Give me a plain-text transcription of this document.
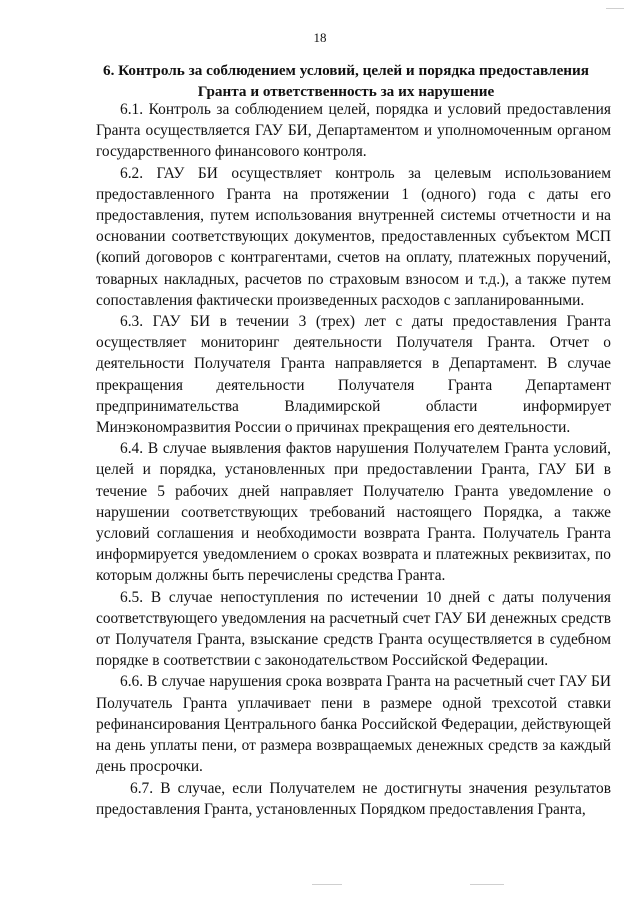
18
6. Контроль за соблюдением условий, целей и порядка предоставления
Гранта и ответственность за их нарушение

6.1. Контроль за соблюдением целей, порядка и условий предоставления Гранта осуществляется ГАУ БИ, Департаментом и уполномоченным органом государственного финансового контроля.

6.2. ГАУ БИ осуществляет контроль за целевым использованием предоставленного Гранта на протяжении 1 (одного) года с даты его предоставления, путем использования внутренней системы отчетности и на основании соответствующих документов, предоставленных субъектом МСП (копий договоров с контрагентами, счетов на оплату, платежных поручений, товарных накладных, расчетов по страховым взносом и т.д.), а также путем сопоставления фактически произведенных расходов с запланированными.

6.3. ГАУ БИ в течении 3 (трех) лет с даты предоставления Гранта осуществляет мониторинг деятельности Получателя Гранта. Отчет о деятельности Получателя Гранта направляется в Департамент. В случае прекращения деятельности Получателя Гранта Департамент предпринимательства Владимирской области информирует Минэкономразвития России о причинах прекращения его деятельности.

6.4. В случае выявления фактов нарушения Получателем Гранта условий, целей и порядка, установленных при предоставлении Гранта, ГАУ БИ в течение 5 рабочих дней направляет Получателю Гранта уведомление о нарушении соответствующих требований настоящего Порядка, а также условий соглашения и необходимости возврата Гранта. Получатель Гранта информируется уведомлением о сроках возврата и платежных реквизитах, по которым должны быть перечислены средства Гранта.

6.5. В случае непоступления по истечении 10 дней с даты получения соответствующего уведомления на расчетный счет ГАУ БИ денежных средств от Получателя Гранта, взыскание средств Гранта осуществляется в судебном порядке в соответствии с законодательством Российской Федерации.

6.6. В случае нарушения срока возврата Гранта на расчетный счет ГАУ БИ Получатель Гранта уплачивает пени в размере одной трехсотой ставки рефинансирования Центрального банка Российской Федерации, действующей на день уплаты пени, от размера возвращаемых денежных средств за каждый день просрочки.

6.7. В случае, если Получателем не достигнуты значения результатов предоставления Гранта, установленных Порядком предоставления Гранта,
